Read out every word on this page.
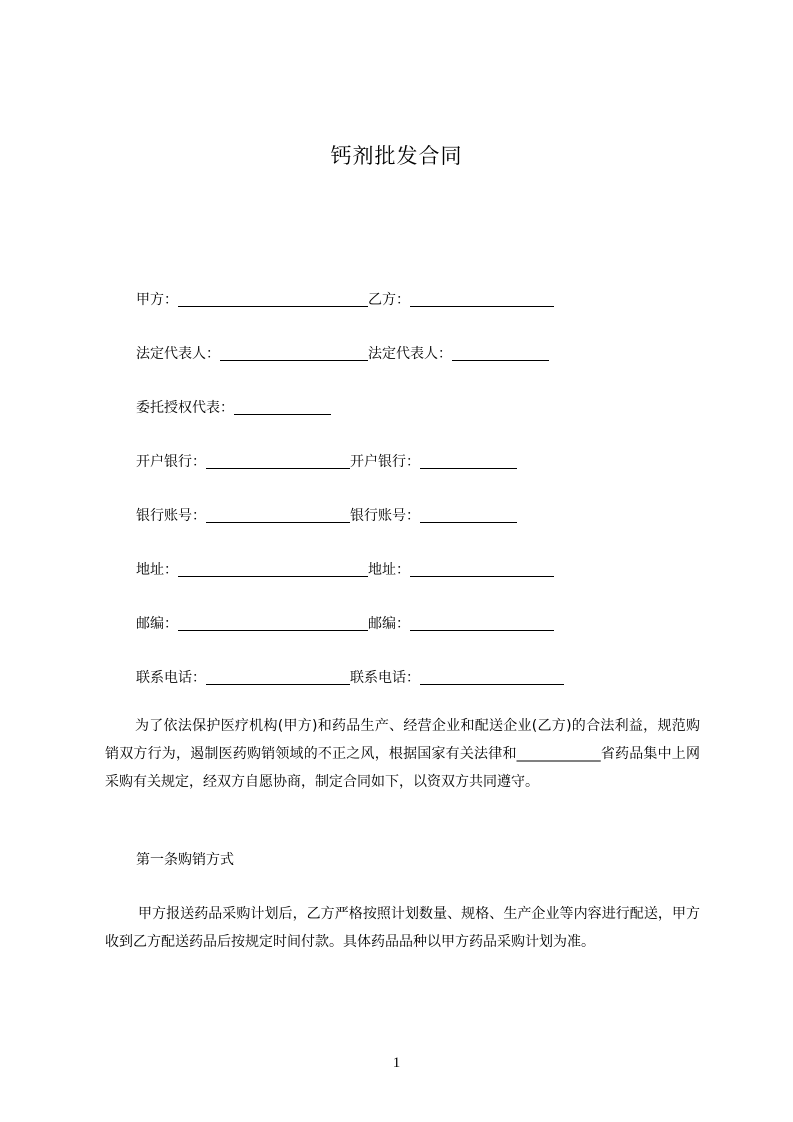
钙剂批发合同
甲方：	乙方：
法定代表人：	法定代表人：
委托授权代表：
开户银行：	开户银行：
银行账号：	银行账号：
地址：	地址：
邮编：	邮编：
联系电话：	联系电话：

为了依法保护医疗机构(甲方)和药品生产、经营企业和配送企业(乙方)的合法利益，规范购销双方行为，遏制医药购销领域的不正之风，根据国家有关法律和____________省药品集中上网采购有关规定，经双方自愿协商，制定合同如下，以资双方共同遵守。

第一条购销方式

甲方报送药品采购计划后，乙方严格按照计划数量、规格、生产企业等内容进行配送，甲方收到乙方配送药品后按规定时间付款。具体药品品种以甲方药品采购计划为准。

1
